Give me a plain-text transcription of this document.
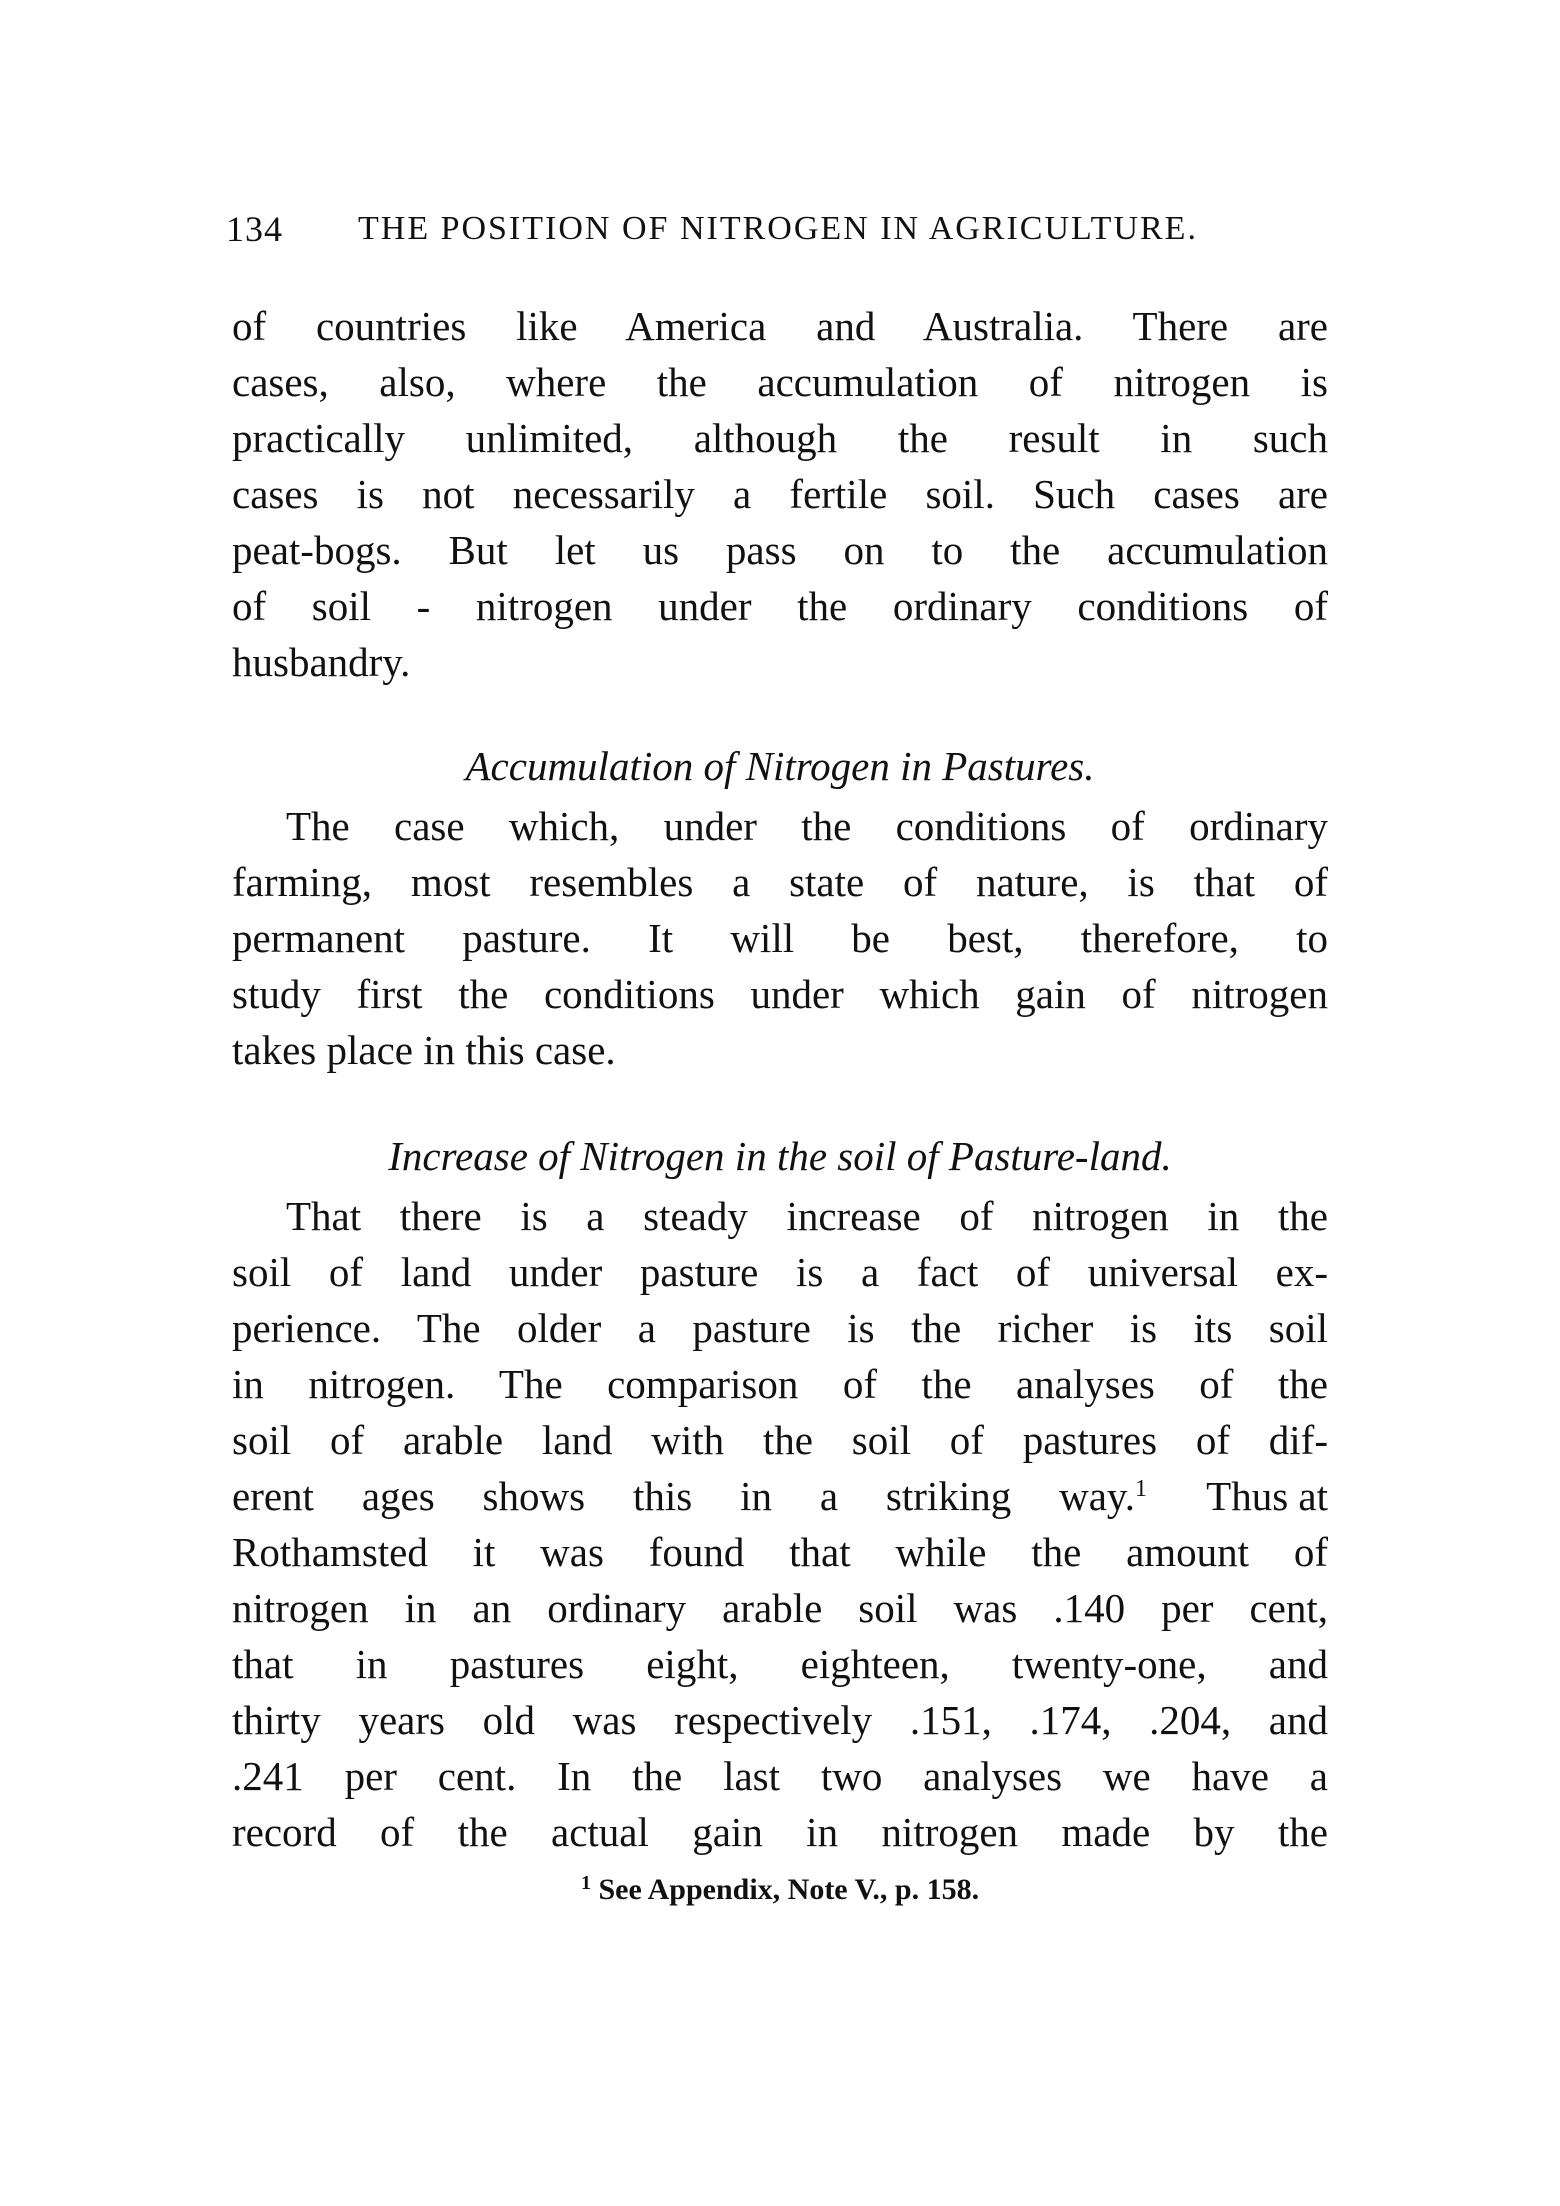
134 THE POSITION OF NITROGEN IN AGRICULTURE.
of countries like America and Australia. There are
cases, also, where the accumulation of nitrogen is
practically unlimited, although the result in such
cases is not necessarily a fertile soil. Such cases are
peat-bogs. But let us pass on to the accumulation
of soil - nitrogen under the ordinary conditions of
husbandry.
Accumulation of Nitrogen in Pastures.
The case which, under the conditions of ordinary
farming, most resembles a state of nature, is that of
permanent pasture. It will be best, therefore, to
study first the conditions under which gain of nitrogen
takes place in this case.
Increase of Nitrogen in the soil of Pasture-land.
That there is a steady increase of nitrogen in the
soil of land under pasture is a fact of universal ex-
perience. The older a pasture is the richer is its soil
in nitrogen. The comparison of the analyses of the
soil of arable land with the soil of pastures of dif-
erent ages shows this in a striking way.$^1$ Thus at
Rothamsted it was found that while the amount of
nitrogen in an ordinary arable soil was .140 per cent,
that in pastures eight, eighteen, twenty-one, and
thirty years old was respectively .151, .174, .204, and
.241 per cent. In the last two analyses we have a
record of the actual gain in nitrogen made by the
$^1$ See Appendix, Note V., p. 158.
